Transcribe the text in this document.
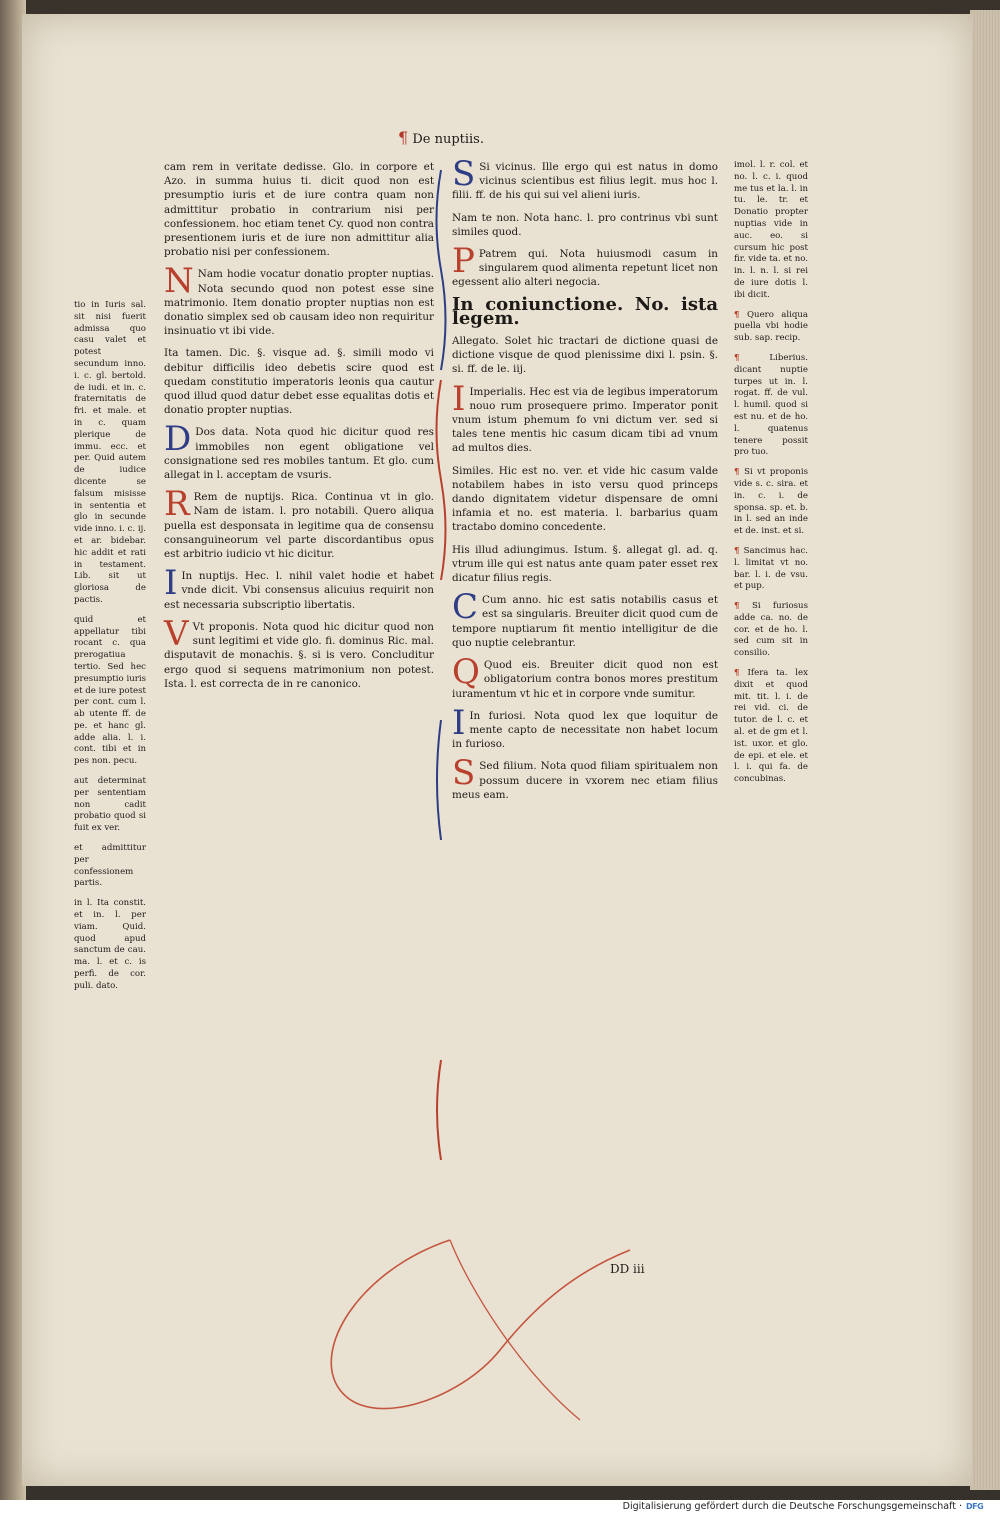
¶ De nuptiis.

tio in Iuris sal. sit nisi fuerit admissa quo casu valet et potest secundum inno. i. c. gl. bertold. de iudi. et in. c. fraternitatis de fri. et male. et in c. quam plerique de immu. ecc. et per. Quid autem de iudice dicente se falsum misisse in sententia et glo in secunde vide inno. i. c. ij. et ar. bidebar. hic addit et rati in testament. Lib. sit ut gloriosa de pactis.

quid et appellatur tibi rocant c. qua prerogatiua tertio. Sed hec presumptio iuris et de iure potest per cont. cum l. ab utente ff. de pe. et hanc gl. adde alia. l. i. cont. tibi et in pes non. pecu.

aut determinat per sententiam non cadit probatio quod si fuit ex ver.

et admittitur per confessionem partis.

in l. Ita constit. et in. l. per viam. Quid. quod apud sanctum de cau. ma. l. et c. is perfi. de cor. puli. dato.

cam rem in veritate dedisse. Glo. in corpore et Azo. in summa huius ti. dicit quod non est presumptio iuris et de iure contra quam non admittitur probatio in contrarium nisi per confessionem. hoc etiam tenet Cy. quod non contra presentionem iuris et de iure non admittitur alia probatio nisi per confessionem.

N Nam hodie vocatur donatio propter nuptias. Nota secundo quod non potest esse sine matrimonio. Item donatio propter nuptias non est donatio simplex sed ob causam ideo non requiritur insinuatio vt ibi vide.

Ita tamen. Dic. §. visque ad. §. simili modo vi debitur difficilis ideo debetis scire quod est quedam constitutio imperatoris leonis qua cautur quod illud quod datur debet esse equalitas dotis et donatio propter nuptias.

D Dos data. Nota quod hic dicitur quod res immobiles non egent obligatione vel consignatione sed res mobiles tantum. Et glo. cum allegat in l. acceptam de vsuris.

R Rem de nuptijs. Rica. Continua vt in glo. Nam de istam. l. pro notabili. Quero aliqua puella est desponsata in legitime qua de consensu consanguineorum vel parte discordantibus opus est arbitrio iudicio vt hic dicitur.

I In nuptijs. Hec. l. nihil valet hodie et habet vnde dicit. Vbi consensus alicuius requirit non est necessaria subscriptio libertatis.

V Vt proponis. Nota quod hic dicitur quod non sunt legitimi et vide glo. fi. dominus Ric. mal. disputavit de monachis. §. si is vero. Concluditur ergo quod si sequens matrimonium non potest. Ista. l. est correcta de in re canonico.

S Si vicinus. Ille ergo qui est natus in domo vicinus scientibus est filius legit. mus hoc l. filii. ff. de his qui sui vel alieni iuris.

Nam te non. Nota hanc. l. pro contrinus vbi sunt similes quod.

P Patrem qui. Nota huiusmodi casum in singularem quod alimenta repetunt licet non egessent alio alteri negocia.

In coniunctione. No. ista legem.

Allegato. Solet hic tractari de dictione quasi de dictione visque de quod plenissime dixi l. psin. §. si. ff. de le. iij.

I Imperialis. Hec est via de legibus imperatorum nouo rum prosequere primo. Imperator ponit vnum istum phemum fo vni dictum ver. sed si tales tene mentis hic casum dicam tibi ad vnum ad multos dies.

Similes. Hic est no. ver. et vide hic casum valde notabilem habes in isto versu quod princeps dando dignitatem videtur dispensare de omni infamia et no. est materia. l. barbarius quam tractabo domino concedente.

His illud adiungimus. Istum. §. allegat gl. ad. q. vtrum ille qui est natus ante quam pater esset rex dicatur filius regis.

C Cum anno. hic est satis notabilis casus et est sa singularis. Breuiter dicit quod cum de tempore nuptiarum fit mentio intelligitur de die quo nuptie celebrantur.

Q Quod eis. Breuiter dicit quod non est obligatorium contra bonos mores prestitum iuramentum vt hic et in corpore vnde sumitur.

I In furiosi. Nota quod lex que loquitur de mente capto de necessitate non habet locum in furioso.

S Sed filium. Nota quod filiam spiritualem non possum ducere in vxorem nec etiam filius meus eam.

imol. l. r. col. et no. l. c. i. quod me tus et la. l. in tu. le. tr. et Donatio propter nuptias vide in auc. eo. si cursum hic post fir. vide ta. et no. in. l. n. l. si rei de iure dotis l. ibi dicit.

¶ Quero aliqua puella vbi hodie sub. sap. recip.

¶ Liberius. dicant nuptie turpes ut in. l. rogat. ff. de vul. l. humil. quod si est nu. et de ho. l. quatenus tenere possit pro tuo.

¶ Si vt proponis vide s. c. sira. et in. c. i. de sponsa. sp. et. b. in l. sed an inde et de. inst. et si.

¶ Sancimus hac. l. limitat vt no. bar. l. i. de vsu. et pup.

¶ Si furiosus adde ca. no. de cor. et de ho. l. sed cum sit in consilio.

¶ Ifera ta. lex dixit et quod mit. tit. l. i. de rei vid. ci. de tutor. de l. c. et al. et de gm et l. ist. uxor. et glo. de epi. et ele. et l. i. qui fa. de concubinas.

DD iii
Digitalisierung gefördert durch die Deutsche Forschungsgemeinschaft · DFG
